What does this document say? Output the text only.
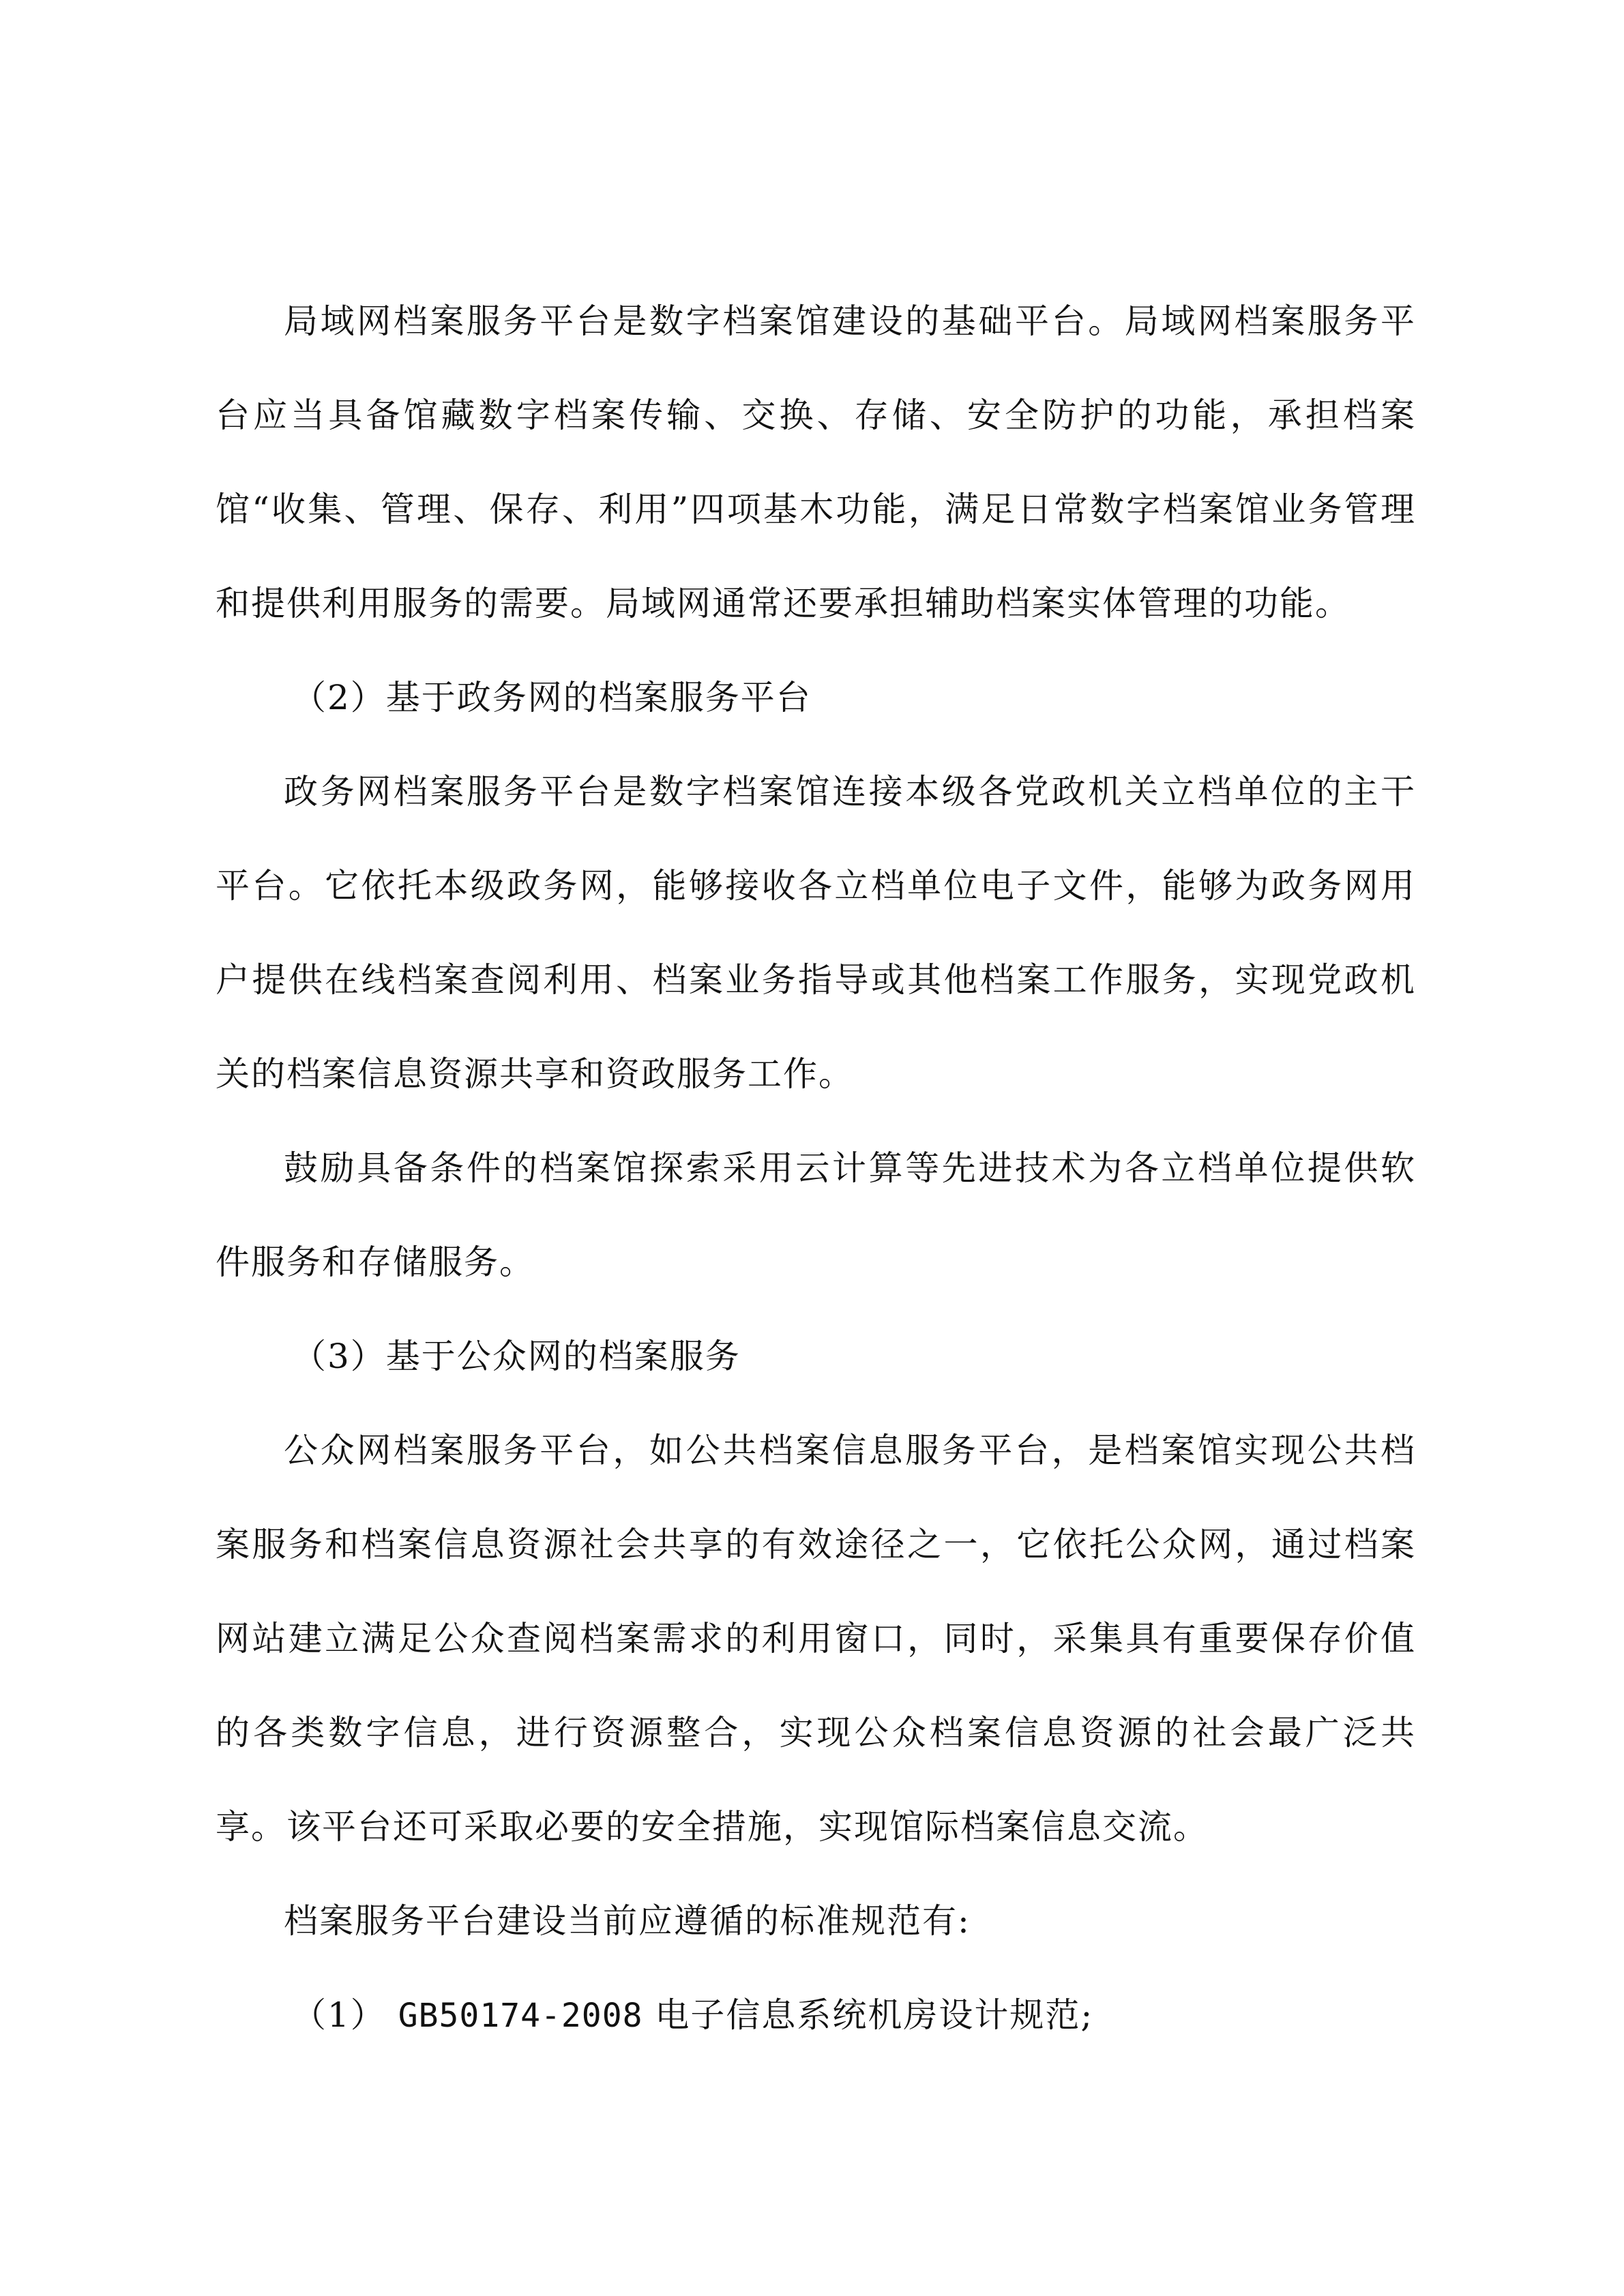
局域网档案服务平台是数字档案馆建设的基础平台。局域网档案服务平台应当具备馆藏数字档案传输、交换、存储、安全防护的功能，承担档案馆“收集、管理、保存、利用”四项基木功能，满足日常数字档案馆业务管理和提供利用服务的需要。局域网通常还要承担辅助档案实体管理的功能。

（2）基于政务网的档案服务平台

政务网档案服务平台是数字档案馆连接本级各党政机关立档单位的主干平台。它依托本级政务网，能够接收各立档单位电子文件，能够为政务网用户提供在线档案查阅利用、档案业务指导或其他档案工作服务，实现党政机关的档案信息资源共享和资政服务工作。

鼓励具备条件的档案馆探索采用云计算等先进技术为各立档单位提供软件服务和存储服务。

（3）基于公众网的档案服务

公众网档案服务平台，如公共档案信息服务平台，是档案馆实现公共档案服务和档案信息资源社会共享的有效途径之一，它依托公众网，通过档案网站建立满足公众查阅档案需求的利用窗口，同时，采集具有重要保存价值的各类数字信息，进行资源整合，实现公众档案信息资源的社会最广泛共享。该平台还可采取必要的安全措施，实现馆际档案信息交流。

档案服务平台建设当前应遵循的标准规范有:

（1） GB50174-2008 电子信息系统机房设计规范;
